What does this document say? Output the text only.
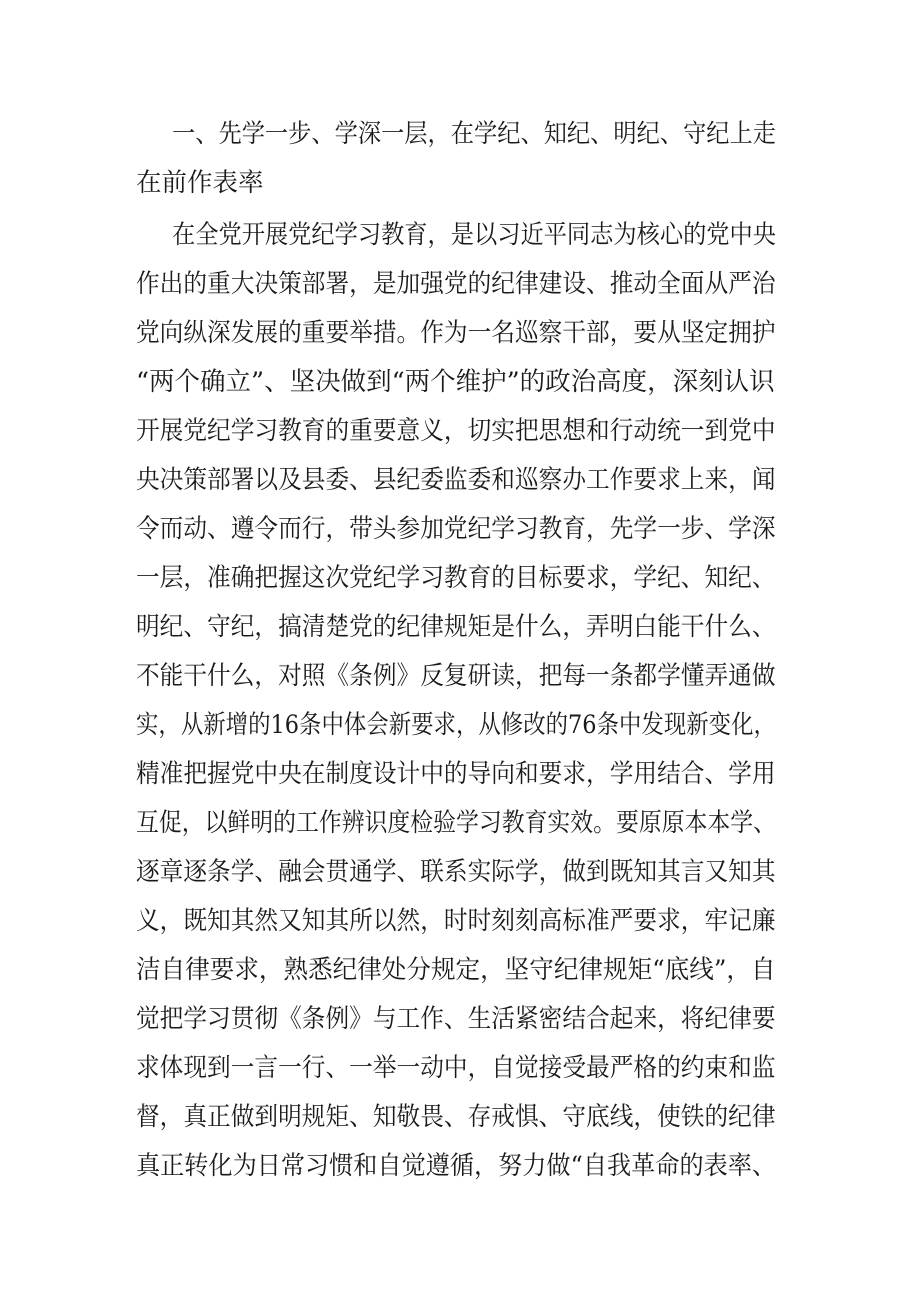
一、先学一步、学深一层，在学纪、知纪、明纪、守纪上走
在前作表率
在全党开展党纪学习教育，是以习近平同志为核心的党中央
作出的重大决策部署，是加强党的纪律建设、推动全面从严治
党向纵深发展的重要举措。作为一名巡察干部，要从坚定拥护
“两个确立”、坚决做到“两个维护”的政治高度，深刻认识
开展党纪学习教育的重要意义，切实把思想和行动统一到党中
央决策部署以及县委、县纪委监委和巡察办工作要求上来，闻
令而动、遵令而行，带头参加党纪学习教育，先学一步、学深
一层，准确把握这次党纪学习教育的目标要求，学纪、知纪、
明纪、守纪，搞清楚党的纪律规矩是什么，弄明白能干什么、
不能干什么，对照《条例》反复研读，把每一条都学懂弄通做
实，从新增的16条中体会新要求，从修改的76条中发现新变化，
精准把握党中央在制度设计中的导向和要求，学用结合、学用
互促，以鲜明的工作辨识度检验学习教育实效。要原原本本学、
逐章逐条学、融会贯通学、联系实际学，做到既知其言又知其
义，既知其然又知其所以然，时时刻刻高标准严要求，牢记廉
洁自律要求，熟悉纪律处分规定，坚守纪律规矩“底线”，自
觉把学习贯彻《条例》与工作、生活紧密结合起来，将纪律要
求体现到一言一行、一举一动中，自觉接受最严格的约束和监
督，真正做到明规矩、知敬畏、存戒惧、守底线，使铁的纪律
真正转化为日常习惯和自觉遵循，努力做“自我革命的表率、
